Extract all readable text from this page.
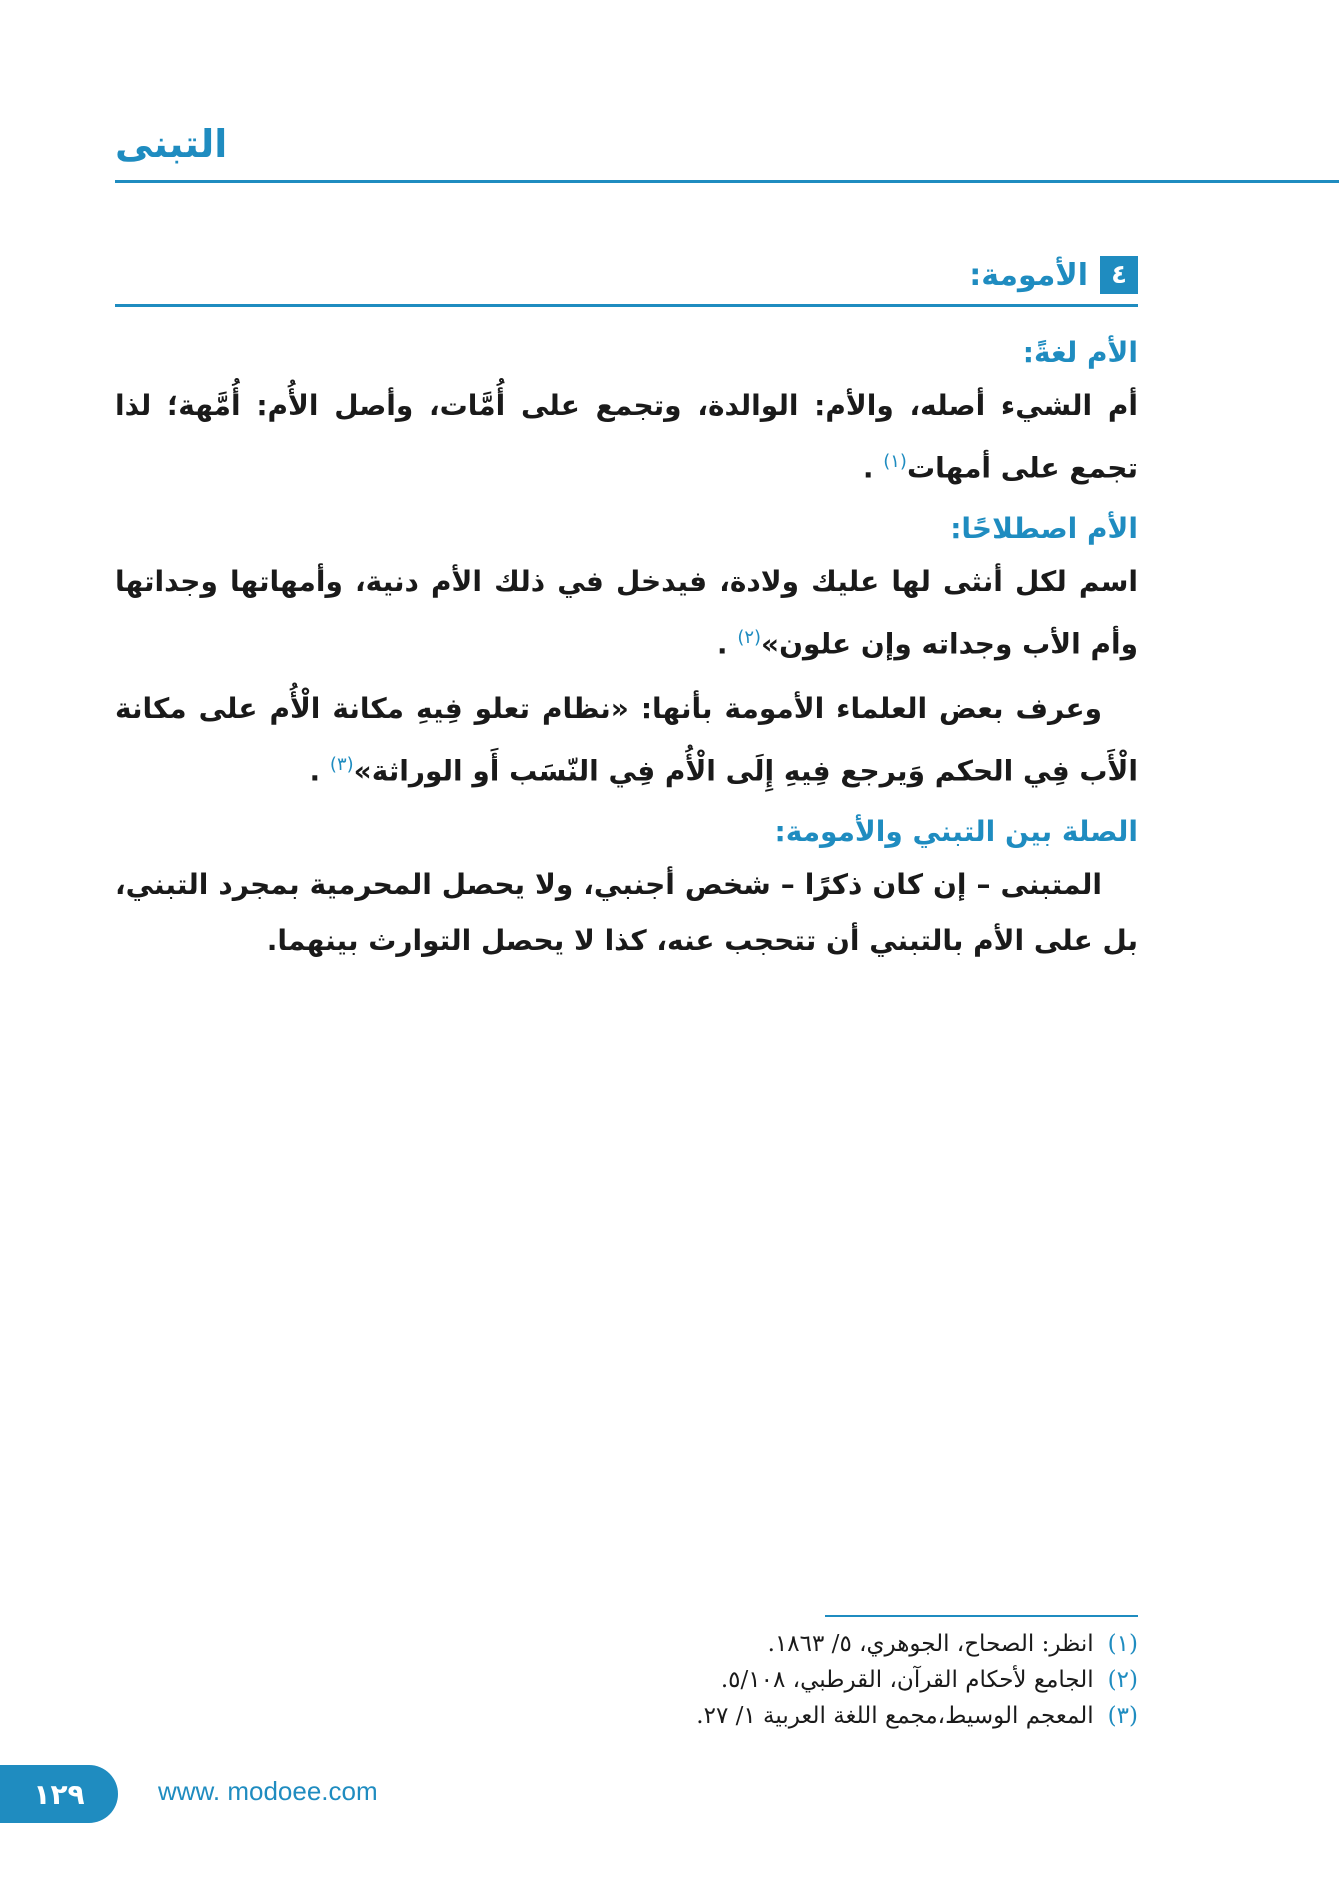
التبنى
٤
الأمومة:

الأم لغةً:

أم الشيء أصله، والأم: الوالدة، وتجمع على أُمَّات، وأصل الأُم: أُمَّهة؛ لذا تجمع على أمهات$^{(١)}$ .

الأم اصطلاحًا:

اسم لكل أنثى لها عليك ولادة، فيدخل في ذلك الأم دنية، وأمهاتها وجداتها وأم الأب وجداته وإن علون»$^{(٢)}$ .

وعرف بعض العلماء الأمومة بأنها: «نظام تعلو فِيهِ مكانة الْأُم على مكانة الْأَب فِي الحكم وَيرجع فِيهِ إِلَى الْأُم فِي النّسَب أَو الوراثة»$^{(٣)}$ .

الصلة بين التبني والأمومة:

المتبنى – إن كان ذكرًا – شخص أجنبي، ولا يحصل المحرمية بمجرد التبني، بل على الأم بالتبني أن تتحجب عنه، كذا لا يحصل التوارث بينهما.

(١)
انظر: الصحاح، الجوهري، ٥/ ١٨٦٣.
(٢)
الجامع لأحكام القرآن، القرطبي، ٥/١٠٨.
(٣)
المعجم الوسيط،مجمع اللغة العربية ١/ ٢٧.
١٢٩	www. modoee.com
